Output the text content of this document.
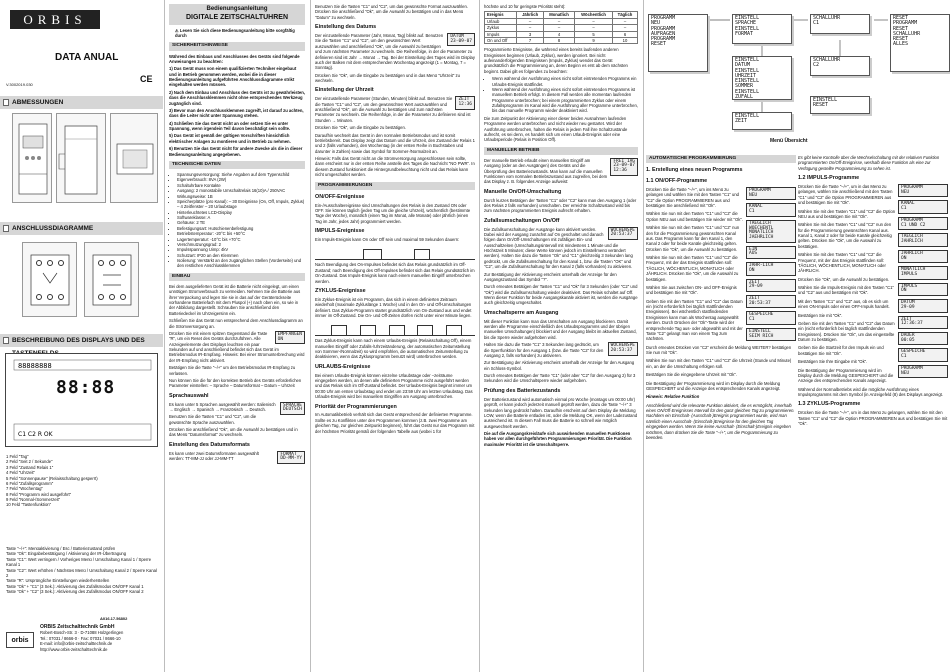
ORBIS
DATA ANUAL
CE
V.3002019.030
ABMESSUNGEN
ANSCHLUSSDIAGRAMME
BESCHREIBUNG DES DISPLAYS UND DES
88888888
C1 C2 R OK
88:88
1 Feld "Tag"
2 Feld "Seit 2 / Sekunde"
3 Feld "Zustand Relais 1"
4 Feld "Uhrzeit"
5 Feld "Sonnenpause" (Relaisschaltung gesperrt)
6 Feld "Zufallsprogramm"
7 Feld "Wochentag"
8 Feld "Programm wird ausgeführt"
9 Feld "Normal-/Sommerzeit"
10 Feld "Tastenfunktion"
Taste "–/+": Menüaktivierung / Esc / Batteriezustand prüfen
Taste "Ok": Eingabebestätigung / Aktivierung der IR-Übertragung
Taste "C1": Wert verringern / Vorheriges Menü / Umschaltung Kanal 1 / Sperre Kanal 1
Taste "C2": Wert erhöhen / Nächstes Menü / Umschaltung Kanal 2 / Sperre Kanal 2
Taste "R": Ursprüngliche Einstellungen wiederherstellen
Taste "Ok" + "C1" (3 Sek.): Aktivierung des Zufallsmodus ON/OFF Kanal 1
Taste "Ok" + "C2" (3 Sek.): Aktivierung des Zufallsmodus ON/OFF Kanal 2
A016.17.56802
orbis
ORBIS Zeitschalttechnik GmbH
Robert-Bosch-Str. 3 · D-71088 Holzgerlingen
Tel.: 07031 / 8666-0 · Fax: 07031 / 8666-10
E-mail: info@orbis-zeitschalttechnik.de
http://www.orbis-zeitschalttechnik.de
Bedienungsanleitung
DIGITALE ZEITSCHALTUHREN
⚠ Lesen Sie sich diese Bedienungsanleitung bitte sorgfältig durch
SICHERHEITSHINWEISE

Während des Einbaus und Anschlusses des Geräts sind folgende Anweisungen zu beachten:

1) Das Gerät muss von einem qualifizierten Techniker eingebaut und in Betrieb genommen werden, wobei die in dieser Bedienungsanleitung aufgeführten Anschlussdiagramme strikt eingehalten werden müssen.

2) Nach dem Einbau und Anschluss des Geräts ist zu gewährleisten, dass die Anschlussklemmen nicht ohne entsprechendes Werkzeug zugänglich sind.

3) Bevor man den Anschlussklemmen zugreift, ist darauf zu achten, dass die Leiter nicht unter Spannung stehen.

4) Schließen Sie das Gerät nicht an oder setzen Sie es unter Spannung, wenn irgendein Teil davon beschädigt sein sollte.

5) Das Gerät ist gemäß der gültigen Vorschriften hinsichtlich elektrischer Anlagen zu montieren und in Betrieb zu nehmen.

6) Benutzen Sie das Gerät nicht für andere Zwecke als die in dieser Bedienungsanleitung angegebenen.

TECHNISCHE DATEN
• Spannungsversorgung: Siehe Angaben auf dem Typenschild
• Eigenverbrauch: 8VA (2W)
• Schaltuhrbare Kontakte
• Ausgang: 2 monostabile Umschaltrelais 16(10)A / 250VAC
• Wirkungsweise: 1B
• Speicherplätze (pro Kanal): – 30 Ereignisse (On, Off, Impuls, Zyklus) – 4 Zeitfenster – 20 Urlaubstage
• Hinterleuchtetes LCD-Display
• Softwareklasse: A
• Gehäuse: 2 TE
• Befestigungsart: Hutschienenbefestigung
• Betriebstemperatur: -20°C bis +50°C
• Lagertemperatur: -10°C bis +70°C
• Verschmutzungsgrad: 2
• Impulsspannung Uimp: 4kV
• Schutzart: IP20 an den Klemmen
• Isolierung: Verstärkt an den zugänglichen Stellen (Vorderseite) und den restlichen Anschlussklemmen
EINBAU

Bei dem ausgelieferten Gerät ist die Batterie nicht eingelegt, um einen unnötigen Stromverbrauch zu vermeiden. Nehmen Sie die Batterie aus ihrer Verpackung und legen Sie sie in das auf der Geräterückseite vorhandene Batteriefach mit dem Pluspol (+) nach oben ein, so wie in der Abbildung dargestellt. Schrauben Sie anschließend den Batteriedeckel im Uhrzeigersinn ein.

Schließen Sie das Gerät nun entsprechend dem Anschlussdiagramm an die Stromversorgung an.

EMPFANGEN
ON

Drücken Sie mit einem spitzen Gegenstand die Taste "R", um ein Reset des Geräts durchzuführen. Alle Anzeigeelemente des Displays leuchten ein paar Sekunden auf und anschließend befindet sich das Gerät im Betriebsmodus IR-Empfang. Hinweis: Bei einer Stromunterbrechung wird der IR-Empfang nicht aktiviert.

Betätigen Sie die Taste "–/+" um den Betriebsmodus IR-Empfang zu verlassen.

Nun können Sie die für den korrekten Betrieb des Geräts erforderlichen Parameter einstellen: – Sprache – Datumsformat – Datum – Uhrzeit

Sprachauswahl
SPRACHE
DEUTSCH

Es kann unter 5 Sprachen ausgewählt werden: Italienisch → Englisch → Spanisch → Französisch → Deutsch.

Benutzen Sie die Tasten "C1" und "C2", um die gewünschte Sprache auszuwählen.

Drücken Sie anschließend "Ok", um die Auswahl zu bestätigen und in das Menü "Datumsformat" zu wechseln.

Einstellung des Datumsformats
FORMAT
DD-MM-YY

Es kann unter zwei Datumsformaten ausgewählt werden: TT-MM-JJ oder JJ-MM-TT

Benutzen Sie die Tasten "C1" und "C2", um das gewünschte Format auszuwählen. Drücken Sie anschließend "Ok", um die Auswahl zu bestätigen und in das Menü "Datum" zu wechseln.

Einstellung des Datums
DATUM
23-09-07

Der einzustellende Parameter (Jahr, Monat, Tag) blinkt auf. Benutzen Sie die Tasten "C1" und "C2", um den gewünschten Wert auszuwählen und anschließend "Ok", um die Auswahl zu bestätigen und zum nächsten Parameter zu wechseln. Die Reihenfolge, in der die Parameter zu definieren sind ist Jahr → Monat → Tag. Bei der Einstellung des Tages wird im Display auch der Balken mit dem entsprechenden Wochentag angezeigt (1 = Montag, 7 = Sonntag).

Drücken Sie "Ok", um die Eingabe zu bestätigen und in das Menü "Uhrzeit" zu wechseln.

Einstellung der Uhrzeit
ZEIT
12:36

Der einzustellende Parameter (Stunden, Minuten) blinkt auf. Benutzen Sie die Tasten "C1" und "C2", um den gewünschten Wert auszuwählen und anschließend "Ok", um die Auswahl zu bestätigen und zum nächsten Parameter zu wechseln. Die Reihenfolge, in der die Parameter zu definieren sind ist Stunden → Minuten.

Drücken Sie "Ok", um die Eingabe zu bestätigen.

Daraufhin wechselt das Gerät in den normalen Betriebsmodus und ist somit betriebsbereit. Das Display zeigt das Datum und die Uhrzeit, den Zustand der Relais 1 und 2 (falls vorhanden), den Wochentag (in der ersten Reihe in Buchstaben und darunter in Zahlen) sowie das Symbol für Sommer-/Normalzeit an.

Hinweis: Falls das Gerät nicht an die Stromversorgung angeschlossen sein sollte, dann erscheint nur in der ersten Reihe anstelle des Tages die Nachricht "NO PWR". In diesem Zustand funktioniert die Hintergrundbeleuchtung nicht und das Relais kann nicht umgeschaltet werden.

PROGRAMMIERUNGEN
ON/OFF-Ereignisse

Ein-/Ausschaltereignisse sind Umschaltungen des Relais in den Zustand ON oder OFF. Sie können täglich (jeden Tag um die gleiche Uhrzeit), wöchentlich (bestimmte Tage der Woche), monatlich (einen Tag im Monat, alle Monate) oder jährlich (einen Tag im Jahr, jedes Jahr) programmiert werden.

IMPULS-Ereignisse

Ein Impuls-Ereignis kann On oder Off sein und maximal 59 Sekunden dauern:

Nach Beendigung des On-Impulses befindet sich das Relais grundsätzlich im Off-Zustand; nach Beendigung des Off-Impulses befindet sich das Relais grundsätzlich im On-Zustand. Das Impuls-Ereignis kann nach einem manuellen Eingriff unterbrochen werden.

ZYKLUS-Ereignisse

Ein Zyklus-Ereignis ist ein Programm, das sich in einem definierten Zeitraum wiederholt (maximale Zykluslänge 1 Woche) und in den On- und Off-Umschaltungen definiert. Das Zyklus-Programm startet grundsätzlich von On-Zustand aus und endet immer im Off-Zustand. Die On- und Off-Zeiten dürfen nicht unter einer Minute liegen.

Das Zyklus-Ereignis kann nach einem Urlaubs-Ereignis (Relaisschaltung Off), einem manuellen Eingriff oder Zufalls-/Uhrzeitänderung, der automatischen Zeitumstellung von Sommer-/Normalzeit) so wird empfohlen, die automatischen Zeitumstellung zu deaktivieren, wenn das Zyklusprogramm benutzt wird) unterbrochen werden.

URLAUBS-Ereignisse

Bei einem Urlaubs-Ereignis können einzelne Urlaubstage oder –zeiträume eingegeben werden, an denen alle definierten Programme nicht ausgeführt werden und das Relais sich im Off-Zustand befindet. Der Urlaubs-Ereignis beginnt immer um 00:00 Uhr am ersten Urlaubstag und endet um 23:59 Uhr am letzten Urlaubstag. Das Urlaubs-Ereignis wird bei manuellem Eingriffen am Ausgang unterbrochen.

Priorität der Programmierungen

Im Automatikbetrieb verhält sich das Gerät entsprechend der definierten Programme. Sollte es zu Konflikten unter den Programmen kommen (z.B. zwei Programme am gleichen Tag, zur gleichen Zeitpunkt beginnen), führt das Gerät nur das Programm mit der höchsten Priorität gemäß der folgenden Tabelle aus (wobei 1 für

höchste und 10 für geringste Priorität steht):

Ereignis	Jährlich	Monatlich	Wöchentlich	Täglich
Urlaub	–	–	–	–
Zyklus	–	–	–	–
Impuls	3	4	5	6
On und Off	7	8	9	10

Programmierte Ereignisse, die während eines bereits laufenden anderen Ereignisses beginnen (Urlaub, Zyklus), werden ignoriert. Bei nicht aufeinanderfolgenden Ereignissen (Impuls, Zyklus) wendet das Gerät grundsätzlich die Programmierung an, deren Beginn es erst ab dem nächsten beginnt. Dabei gilt es folgendes zu beachten:

• Wenn während der Ausführung eines nicht sofort eintretenden Programms ein Urlaubs-Ereignis stattfindet.
• Wenn während der Ausführung eines nicht sofort eintretenden Programms ist manuellem Betrieb erfolgt. In diesem Fall werden alle momentan laufenden Programme unterbrochen; bei einem programmierten Zyklus oder einem Zufallsprogramm im Kanal wird die Ausführung aller Programme unterbrochen, bis das manuelle Programm wieder deaktiviert wird.

Die zum Zeitpunkt der Aktivierung einer dieser beiden Ausnahmen laufenden Programme werden unterbrochen und nicht wieder neu gestartet. Wird der Ausführung unterbrochen, halten die Relais in jedem Fall ihre Schaltzustände aufrecht, es sei denn, es handelt sich um einen Urlaub-Ereignis oder eine Urlaubsperiode (Relais in Position Off).

MANUELLER BETRIEB
FREI 1AG
23-09-07
12:36

Der manuelle Betrieb erlaubt einen manuellen Eingriff am Ausgang (oder an den Ausgängen) des Geräts und die Überprüfung des Batteriezustands. Man kann auf die manuellen Funktionen vom normalen Betriebszustand aus zugreifen, bei dem das Display z. B. folgendes Anzeige aufweist:

Manuelle On/Off-Umschaltung

Durch kurzes Betätigen der Tasten "C1" oder "C2" kann man den Ausgang 1 (oder des Relais 2 falls vorhanden) umschalten. Der erreichte Schaltzustand wird bis zum nächsten programmierten Ereignis aufrecht erhalten.

Zufallsumschaltungen On/Off
WOCHENSPE
20:53:37

Die Zufallsumschaltung der Ausgänge kann aktiviert werden. Dabei wird der Ausgang zunächst auf On geschaltet und danach folgen dann On/Off-Umschaltungen mit zufälligen Ein- und Ausschaltzeiten (Umschaltungsintervall mit mindestens 1 Minute und die Höchstzeit 5 Minuten; diese Werte können jedoch im Einstellmenü verändert werden). Halten Sie dazu die Tasten "Ok" und "C1" gleichzeitig 3 Sekunden lang gedrückt, um die Zufallsumschaltung für den Kanal 1, bzw. die Tasten "OK" und "C2", um die Zufallsumschaltung für den Kanal 2 (falls vorhanden) zu aktivieren.

Zur Bestätigung der Aktivierung erscheint unterhalb der Anzeige für den Ausgangszustand das Symbol "?".

Durch erneutes Betätigen der Tasten "C1" und "Ok" für 3 Sekunden (oder "C2" und "Ok") wird die Zufallsumschaltung wieder deaktiviert. Das Relais schaltet auf Off. Wenn dieser Funktion für beide Ausgangskanäle aktiviert ist, werden die Ausgänge auch gleichzeitig umgeschaltet.

Umschaltsperre am Ausgang

Mit dieser Funktion kann man das Umschalten am Ausgang blockieren. Damit werden alle Programme einschließlich des Urlaubsprogramms und der übrigen manuellen Umschaltungen) blockiert und der Ausgang bleibt im aktuellen Zustand, bis die Sperre wieder aufgehoben wird.

WOCHENSPE
20:53:37

Halten Sie dazu die Taste "C1" 3 Sekunden lang gedrückt, um die Sperrfunktion für den Ausgang 1 (bzw. die Taste "C2" für den Ausgang 2, falls vorhanden) zu aktivieren.

Zur Bestätigung der Aktivierung erscheint unterhalb der Anzeige für den Ausgang ein Schloss-Symbol.

Durch erneutes Betätigen der Taste "C1" (oder aber "C2" für den Ausgang 2) für 3 Sekunden wird die Umschaltsperre wieder aufgehoben.

Prüfung des Batteriezustands

Der Batteriezustand wird automatisch einmal pro Woche (montags um 00:00 Uhr) geprüft, er kann jedoch jederzeit manuell geprüft werden, dazu die Taste "–/+" 3 Sekunden lang gedrückt halten. Daraufhin erscheint auf dem Display die Meldung LOW, wenn die Batterie entladen ist, oder die Meldung OK, wenn der Ladezustand ausreichend ist. In diesem Fall muss die Batterie so schnell wie möglich ausgewechselt werden.

Die auf die Ausgangskreisläufe sich auswirkenden manuellen Funktionen haben vor allen durchgeführten Programmierungen Priorität. Die Funktion maximaler Priorität ist die Umschaltsperre.

PROGRAMM
NEU
PROGRAMM
AUFRAGEN
PROGRAMM
RESET
EINSTELL
SPRACHE
EINSTELL
FORMAT
SCHALLUHR
C1
RESET
PROGRAMM
RESET
SCHALLUHR
RESET
ALLES
EINSTELL
DATUM
EINSTELL
UHRZEIT
EINSTELL
SOMMER
EINSTELL
ZUFALL
SCHALLUHR
C2
EINSTELL
ZEIT
EINSTELL
RESET
Menü Übersicht
AUTOMATISCHE PROGRAMMIERUNG
1. Erstellung eines neuen Programms
1.1 ON/OFF-Programme
PROGRAMM
NEU
KANAL
C1
TAEGLICH
WOECHENTL
MONATLICH
JAEHRLICH
EIN
AUS
JAHR-LICH
ON
ZEIT
29-09
ZEIT
20:53:37
GESPEICHE
C1
EINSTELL
SEIM RICH

Drücken Sie die Taste "–/+", um ins Menü zu gelangen und wählen Sie mit den Tasten "C1" und "C2" die Option PROGRAMMIEREN aus und bestätigen Sie anschließend mit "Ok".

Wählen Sie nun mit den Tasten "C1" und "C2" die Option NEU aus und bestätigen Sie wieder mit "Ok".

Wählen Sie nun mit den Tasten "C1" und "C2" nun den für die Programmierung gewünschten Kanal aus. Das Programm kann für den Kanal 1, den Kanal 2 oder für beide Kanäle gleichzeitig gelten. Drücken Sie "Ok", um die Auswahl zu bestätigen.

Wählen Sie nun mit den Tasten "C1" und "C2" die Frequenz, mit der das Ereignis stattfinden soll: TÄGLICH, WÖCHENTLICH, MONATLICH oder JÄHRLICH. Drücken Sie "Ok", um die Auswahl zu bestätigen.

Wählen Sie aus zwischen ON- und OFF-Ereignis und bestätigen Sie mit "Ok".

Geben Sie mit den Tasten "C1" und "C2" das Datum ein (nicht erforderlich bei täglich stattfindenden Ereignissen). Bei wöchentlich stattfindenden Ereignissen kann man als Wochentag ausgewählt werden. Durch Drücken der "Ok"-Taste wird der entsprechende Tag aus- oder abgewählt und mit der Taste "C2" gelangt man von einem Tag zum nächsten.

Durch erneutes Drücken von "C2" erscheint die Meldung WEITER? bestätigen Sie nun mit "Ok".

Wählen Sie nun mit den Tasten "C1" und "C2" die Uhrzeit (Stunde und Minute) ein, an der die Umschaltung erfolgen soll.

Bestätigen Sie die eingegebene Uhrzeit mit "Ok".

Die Bestätigung der Programmierung wird im Display durch die Meldung GESPEICHERT und die Anzeige des entsprechenden Kanals angezeigt.

Hinweis: Relative Funktion

Anschließend wird die relevante Funktion aktiviert, die es ermöglicht, innerhalb eines ON/Off-Ereignisses Intervall für den ganz gleichen Tag zu programmieren. Nachdem ein Einschalt- (Ausschalt-)Ereignis programmiert wurde, wird man nämlich einen Ausschalt- (Einschalt-)Ereignisse für den gleichen Tag eingegeben werden. Wenn Sie keine Ausschalt- (Einschalt-)Ereignis eingeben möchten, dann drücken Sie die Taste "–/+", um die Programmierung zu beenden.

Es gibt keine Kontrolle über die Wechselschaltung mit der relativen Funktion programmierten On/Off-Ereignisse, weshalb diese Funktion als eine zur Verfügung gestellte Programmierung zu sehen ist.

1.2 IMPULS-Programme
PROGRAMM
NEU
KANAL
C1
PROGRAMM
C1 UND C2
TAEGLICH
JAHRLICH
JAHRLICH
ON
MONATLICH
IMPULS
IMPULS
ON
DATUM
29-09
ZEIT
12:36:37
DAUER
00:05
GESPEICHE
C1
PROGRAMM
NEU

Drücken Sie die Taste "–/+", um in das Menü zu gelangen, wählen Sie anschließend mit den Tasten "C1" und "C2" die Option PROGRAMMIEREN aus und bestätigen Sie mit "Ok".

Wählen Sie mit den Tasten "C1" und "C2" die Option NEU aus und bestätigen Sie mit "Ok".

Wählen Sie mit den Tasten "C1" und "C2" nun den für die Programmierung gewünschten Kanal aus. Kanal 1, Kanal 2 oder für beide Kanäle gleichzeitig gelten. Drücken Sie "Ok", um die Auswahl zu bestätigen.

Wählen Sie mit den Tasten "C1" und "C2" die Frequenz, mit der das Ereignis stattfinden soll: TÄGLICH, WÖCHENTLICH, MONATLICH oder JÄHRLICH.

Drücken Sie "Ok", um die Auswahl zu bestätigen.

Wählen Sie die Impuls-Ereignis mit den Tasten "C1" und "C2" aus und bestätigen mit "Ok".

Mit den Tasten "C1" und "C2" aus, ob es sich um einen ON-Impuls oder einen OFF-Impuls handelt.

Bestätigen Sie mit "Ok".

Geben Sie mit den Tasten "C1" und "C2" das Datum ein (nicht erforderlich bei täglich stattfindenden Ereignissen). Drücken Sie "Ok", um das eingestellte Datum zu bestätigen.

Geben Sie die Startzeit für den Impuls ein und bestätigen Sie mit "Ok".

Bestätigen Sie Ihre Eingabe mit "Ok".

Die Bestätigung der Programmierung wird im Display durch die Meldung GESPEICHERT und die Anzeige des entsprechenden Kanals angezeigt.

Während der Normalbetriebs wird die mögliche Ausführung eines Impulsprogramms mit dem Symbol (in Anzeigefeld (8) des Displays angezeigt.

1.3 ZYKLUS-Programme

Drücken Sie die Taste "–/+", um in das Menü zu gelangen, wählen Sie mit den Tasten "C1" und "C2" die Option PROGRAMMIEREN aus und bestätigen Sie mit "Ok".
